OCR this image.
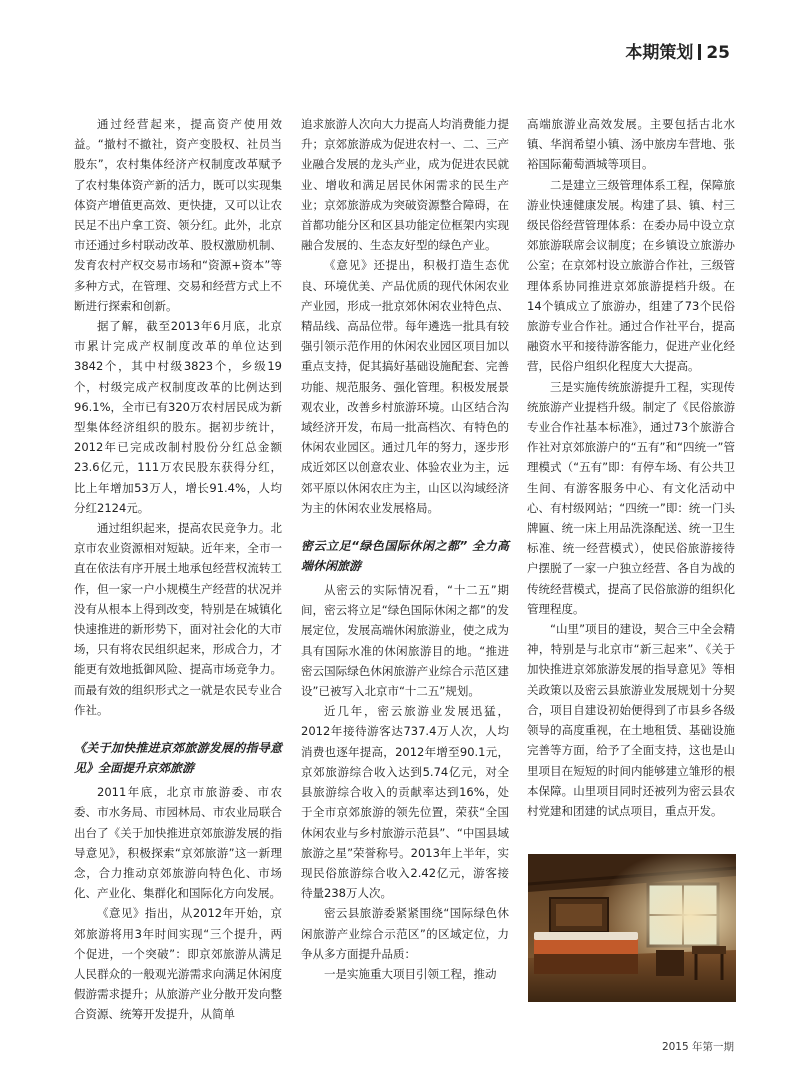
本期策划 25

通过经营起来，提高资产使用效益。“撤村不撤社，资产变股权、社员当股东”，农村集体经济产权制度改革赋予了农村集体资产新的活力，既可以实现集体资产增值更高效、更快捷，又可以让农民足不出户拿工资、领分红。此外，北京市还通过乡村联动改革、股权激励机制、发育农村产权交易市场和“资源+资本”等多种方式，在管理、交易和经营方式上不断进行探索和创新。

据了解，截至2013年6月底，北京市累计完成产权制度改革的单位达到3842个，其中村级3823个，乡级19个，村级完成产权制度改革的比例达到96.1%，全市已有320万农村居民成为新型集体经济组织的股东。据初步统计，2012年已完成改制村股份分红总金额23.6亿元，111万农民股东获得分红，比上年增加53万人，增长91.4%，人均分红2124元。

通过组织起来，提高农民竞争力。北京市农业资源相对短缺。近年来，全市一直在依法有序开展土地承包经营权流转工作，但一家一户小规模生产经营的状况并没有从根本上得到改变，特别是在城镇化快速推进的新形势下，面对社会化的大市场，只有将农民组织起来，形成合力，才能更有效地抵御风险、提高市场竞争力。而最有效的组织形式之一就是农民专业合作社。

《关于加快推进京郊旅游发展的指导意见》全面提升京郊旅游

2011年底，北京市旅游委、市农委、市水务局、市园林局、市农业局联合出台了《关于加快推进京郊旅游发展的指导意见》，积极探索“京郊旅游”这一新理念，合力推动京郊旅游向特色化、市场化、产业化、集群化和国际化方向发展。

《意见》指出，从2012年开始，京郊旅游将用3年时间实现“三个提升，两个促进，一个突破”：即京郊旅游从满足人民群众的一般观光游需求向满足休闲度假游需求提升；从旅游产业分散开发向整合资源、统筹开发提升，从简单

追求旅游人次向大力提高人均消费能力提升；京郊旅游成为促进农村一、二、三产业融合发展的龙头产业，成为促进农民就业、增收和满足居民休闲需求的民生产业；京郊旅游成为突破资源整合障碍，在首都功能分区和区县功能定位框架内实现融合发展的、生态友好型的绿色产业。

《意见》还提出，积极打造生态优良、环境优美、产品优质的现代休闲农业产业园，形成一批京郊休闲农业特色点、精品线、高品位带。每年遴选一批具有较强引领示范作用的休闲农业园区项目加以重点支持，促其搞好基础设施配套、完善功能、规范服务、强化管理。积极发展景观农业，改善乡村旅游环境。山区结合沟域经济开发，布局一批高档次、有特色的休闲农业园区。通过几年的努力，逐步形成近郊区以创意农业、体验农业为主，远郊平原以休闲农庄为主，山区以沟域经济为主的休闲农业发展格局。

密云立足“绿色国际休闲之都” 全力高端休闲旅游

从密云的实际情况看，“十二五”期间，密云将立足“绿色国际休闲之都”的发展定位，发展高端休闲旅游业，使之成为具有国际水准的休闲旅游目的地。“推进密云国际绿色休闲旅游产业综合示范区建设”已被写入北京市“十二五”规划。

近几年，密云旅游业发展迅猛，2012年接待游客达737.4万人次，人均消费也逐年提高，2012年增至90.1元，京郊旅游综合收入达到5.74亿元，对全县旅游综合收入的贡献率达到16%，处于全市京郊旅游的领先位置，荣获“全国休闲农业与乡村旅游示范县”、“中国县域旅游之星”荣誉称号。2013年上半年，实现民俗旅游综合收入2.42亿元，游客接待量238万人次。

密云县旅游委紧紧围绕“国际绿色休闲旅游产业综合示范区”的区域定位，力争从多方面提升品质：

一是实施重大项目引领工程，推动

高端旅游业高效发展。主要包括古北水镇、华润希望小镇、汤中旅房车营地、张裕国际葡萄酒城等项目。

二是建立三级管理体系工程，保障旅游业快速健康发展。构建了县、镇、村三级民俗经营管理体系：在委办局中设立京郊旅游联席会议制度；在乡镇设立旅游办公室；在京郊村设立旅游合作社，三级管理体系协同推进京郊旅游提档升级。在14个镇成立了旅游办，组建了73个民俗旅游专业合作社。通过合作社平台，提高融资水平和接待游客能力，促进产业化经营，民俗户组织化程度大大提高。

三是实施传统旅游提升工程，实现传统旅游产业提档升级。制定了《民俗旅游专业合作社基本标准》，通过73个旅游合作社对京郊旅游户的“五有”和“四统一”管理模式（“五有”即：有停车场、有公共卫生间、有游客服务中心、有文化活动中心、有村级网站；“四统一”即：统一门头牌匾、统一床上用品洗涤配送、统一卫生标准、统一经营模式），使民俗旅游接待户摆脱了一家一户独立经营、各自为战的传统经营模式，提高了民俗旅游的组织化管理程度。

“山里”项目的建设，契合三中全会精神，特别是与北京市“新三起来”、《关于加快推进京郊旅游发展的指导意见》等相关政策以及密云县旅游业发展规划十分契合，项目自建设初始便得到了市县乡各级领导的高度重视，在土地租赁、基础设施完善等方面，给予了全面支持，这也是山里项目在短短的时间内能够建立雏形的根本保障。山里项目同时还被列为密云县农村党建和团建的试点项目，重点开发。

2015 年第一期
